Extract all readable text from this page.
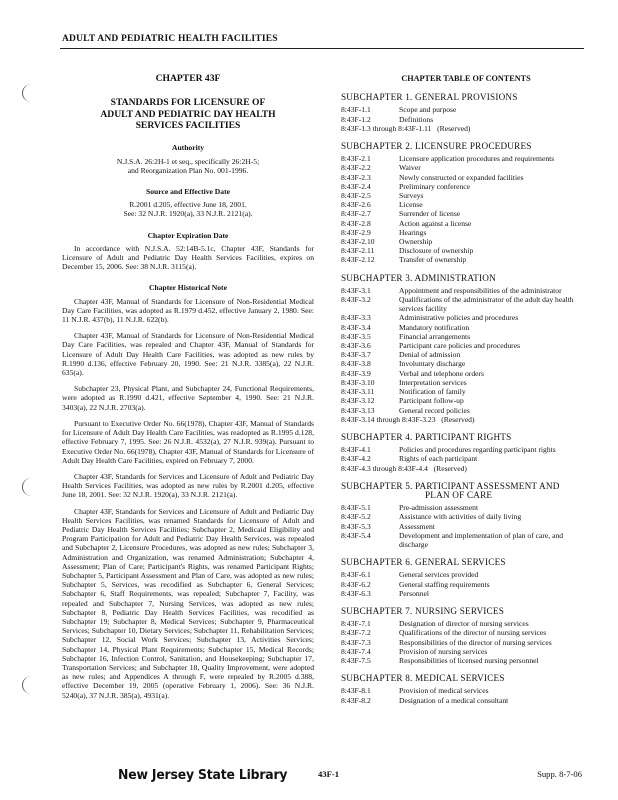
ADULT AND PEDIATRIC HEALTH FACILITIES
CHAPTER 43F
STANDARDS FOR LICENSURE OF
ADULT AND PEDIATRIC DAY HEALTH
SERVICES FACILITIES
Authority
N.J.S.A. 26:2H-1 et seq., specifically 26:2H-5;
and Reorganization Plan No. 001-1996.
Source and Effective Date
R.2001 d.205, effective June 18, 2001.
See: 32 N.J.R. 1920(a), 33 N.J.R. 2121(a).
Chapter Expiration Date
In accordance with N.J.S.A. 52:14B-5.1c, Chapter 43F, Standards for Licensure of Adult and Pediatric Day Health Services Facilities, expires on December 15, 2006. See: 38 N.J.R. 3115(a).
Chapter Historical Note
Chapter 43F, Manual of Standards for Licensure of Non-Residential Medical Day Care Facilities, was adopted as R.1979 d.452, effective January 2, 1980. See: 11 N.J.R. 437(b), 11 N.J.R. 622(b).
Chapter 43F, Manual of Standards for Licensure of Non-Residential Medical Day Care Facilities, was repealed and Chapter 43F, Manual of Standards for Licensure of Adult Day Health Care Facilities, was adopted as new rules by R.1990 d.136, effective February 20, 1990. See: 21 N.J.R. 3385(a), 22 N.J.R. 635(a).
Subchapter 23, Physical Plant, and Subchapter 24, Functional Requirements, were adopted as R.1990 d.421, effective September 4, 1990. See: 21 N.J.R. 3403(a), 22 N.J.R. 2703(a).
Pursuant to Executive Order No. 66(1978), Chapter 43F, Manual of Standards for Licensure of Adult Day Health Care Facilities, was readopted as R.1995 d.128, effective February 7, 1995. See: 26 N.J.R. 4532(a), 27 N.J.R. 939(a). Pursuant to Executive Order No. 66(1978), Chapter 43F, Manual of Standards for Licensure of Adult Day Health Care Facilities, expired on February 7, 2000.
Chapter 43F, Standards for Services and Licensure of Adult and Pediatric Day Health Services Facilities, was adopted as new rules by R.2001 d.205, effective June 18, 2001. See: 32 N.J.R. 1920(a), 33 N.J.R. 2121(a).
Chapter 43F, Standards for Services and Licensure of Adult and Pediatric Day Health Services Facilities, was renamed Standards for Licensure of Adult and Pediatric Day Health Services Facilities; Subchapter 2, Medicaid Eligibility and Program Participation for Adult and Pediatric Day Health Services, was repealed and Subchapter 2, Licensure Procedures, was adopted as new rules; Subchapter 3, Administration and Organization, was renamed Administration; Subchapter 4, Assessment; Plan of Care; Participant's Rights, was renamed Participant Rights; Subchapter 5, Participant Assessment and Plan of Care, was adopted as new rules; Subchapter 5, Services, was recodified as Subchapter 6, General Services; Subchapter 6, Staff Requirements, was repealed; Subchapter 7, Facility, was repealed and Subchapter 7, Nursing Services, was adopted as new rules; Subchapter 8, Pediatric Day Health Services Facilities, was recodified as Subchapter 19; Subchapter 8, Medical Services; Subchapter 9, Pharmaceutical Services; Subchapter 10, Dietary Services; Subchapter 11, Rehabilitation Services; Subchapter 12, Social Work Services; Subchapter 13, Activities Services; Subchapter 14, Physical Plant Requirements; Subchapter 15, Medical Records; Subchapter 16, Infection Control, Sanitation, and Housekeeping; Subchapter 17, Transportation Services; and Subchapter 18, Quality Improvement, were adopted as new rules; and Appendices A through F, were repealed by R.2005 d.388, effective December 19, 2005 (operative February 1, 2006). See: 36 N.J.R. 5240(a), 37 N.J.R. 385(a), 4931(a).
CHAPTER TABLE OF CONTENTS
SUBCHAPTER 1. GENERAL PROVISIONS
8:43F-1.1	Scope and purpose
8:43F-1.2	Definitions
8:43F-1.3 through 8:43F-1.11   (Reserved)
SUBCHAPTER 2. LICENSURE PROCEDURES
8:43F-2.1	Licensure application procedures and requirements
8:43F-2.2	Waiver
8:43F-2.3	Newly constructed or expanded facilities
8:43F-2.4	Preliminary conference
8:43F-2.5	Surveys
8:43F-2.6	License
8:43F-2.7	Surrender of license
8:43F-2.8	Action against a license
8:43F-2.9	Hearings
8:43F-2.10	Ownership
8:43F-2.11	Disclosure of ownership
8:43F-2.12	Transfer of ownership
SUBCHAPTER 3. ADMINISTRATION
8:43F-3.1	Appointment and responsibilities of the administrator
8:43F-3.2	Qualifications of the administrator of the adult day health services facility
8:43F-3.3	Administrative policies and procedures
8:43F-3.4	Mandatory notification
8:43F-3.5	Financial arrangements
8:43F-3.6	Participant care policies and procedures
8:43F-3.7	Denial of admission
8:43F-3.8	Involuntary discharge
8:43F-3.9	Verbal and telephone orders
8:43F-3.10	Interpretation services
8:43F-3.11	Notification of family
8:43F-3.12	Participant follow-up
8:43F-3.13	General record policies
8:43F-3.14 through 8:43F-3.23   (Reserved)
SUBCHAPTER 4. PARTICIPANT RIGHTS
8:43F-4.1	Policies and procedures regarding participant rights
8:43F-4.2	Rights of each participant
8:43F-4.3 through 8:43F-4.4   (Reserved)
SUBCHAPTER 5. PARTICIPANT ASSESSMENT AND
PLAN OF CARE
8:43F-5.1	Pre-admission assessment
8:43F-5.2	Assistance with activities of daily living
8:43F-5.3	Assessment
8:43F-5.4	Development and implementation of plan of care, and discharge
SUBCHAPTER 6. GENERAL SERVICES
8:43F-6.1	General services provided
8:43F-6.2	General staffing requirements
8:43F-6.3	Personnel
SUBCHAPTER 7. NURSING SERVICES
8:43F-7.1	Designation of director of nursing services
8:43F-7.2	Qualifications of the director of nursing services
8:43F-7.3	Responsibilities of the director of nursing services
8:43F-7.4	Provision of nursing services
8:43F-7.5	Responsibilities of licensed nursing personnel
SUBCHAPTER 8. MEDICAL SERVICES
8:43F-8.1	Provision of medical services
8:43F-8.2	Designation of a medical consultant
New Jersey State Library	43F-1	Supp. 8-7-06
